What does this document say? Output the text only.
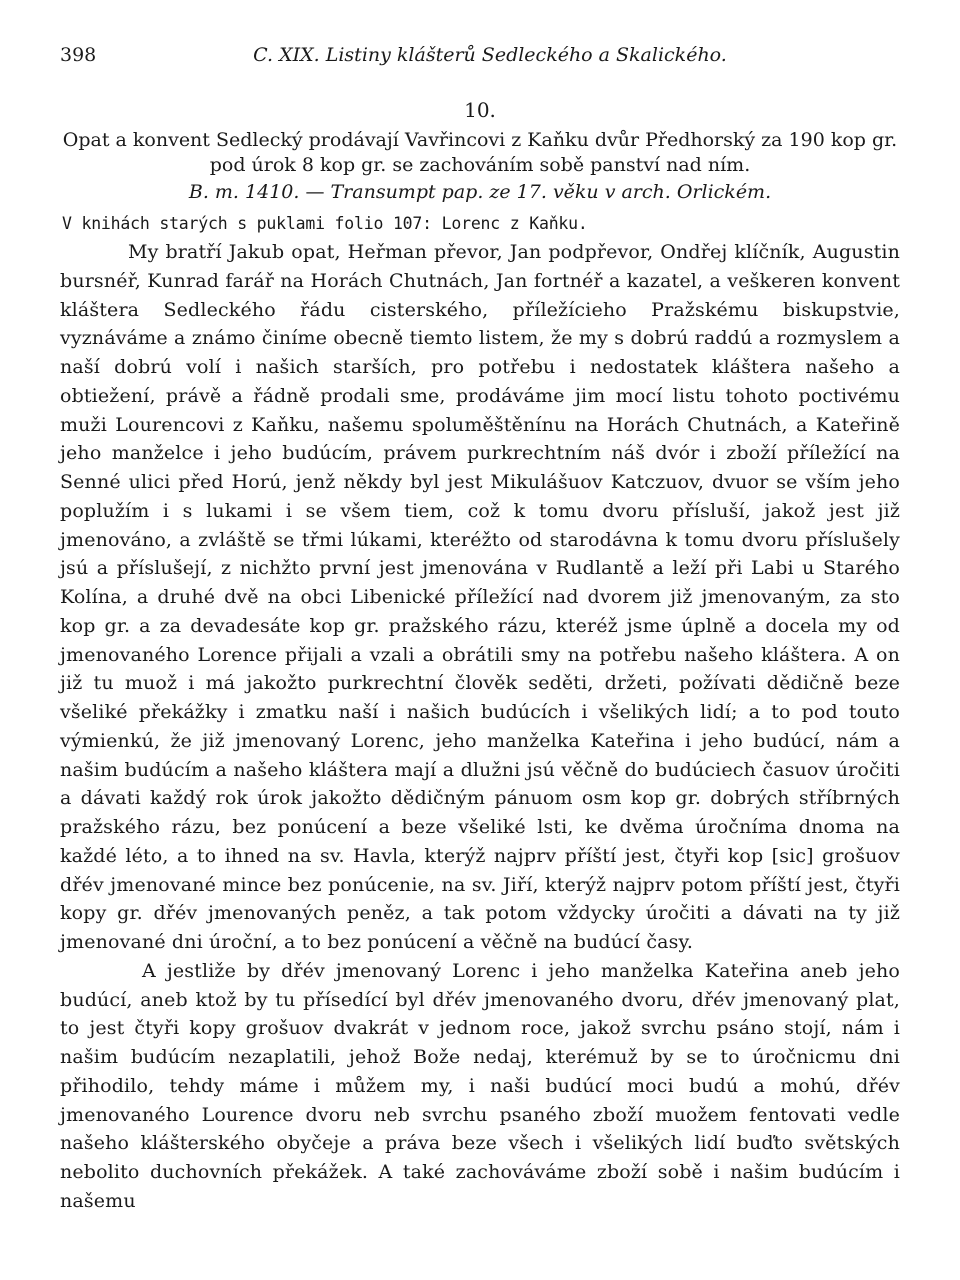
398	C. XIX. Listiny klášterů Sedleckého a Skalického.
10.

Opat a konvent Sedlecký prodávají Vavřincovi z Kaňku dvůr Předhorský za 190 kop gr. pod úrok 8 kop gr. se zachováním sobě panství nad ním.

B. m. 1410. — Transumpt pap. ze 17. věku v arch. Orlickém.
V knihách starých s puklami folio 107: Lorenc z Kaňku.

My bratří Jakub opat, Heřman převor, Jan podpřevor, Ondřej klíčník, Augustin bursnéř, Kunrad farář na Horách Chutnách, Jan fortnéř a kazatel, a veškeren konvent kláštera Sedleckého řádu cisterského, příležícieho Pražskému biskupstvie, vyznáváme a známo činíme obecně tiemto listem, že my s dobrú raddú a rozmyslem a naší dobrú volí i našich starších, pro potřebu i nedostatek kláštera našeho a obtiežení, právě a řádně prodali sme, prodáváme jim mocí listu tohoto poctivému muži Lourencovi z Kaňku, našemu spoluměštěnínu na Horách Chutnách, a Kateřině jeho manželce i jeho budúcím, právem purkrechtním náš dvór i zboží příležící na Senné ulici před Horú, jenž někdy byl jest Mikulášuov Katczuov, dvuor se vším jeho poplužím i s lukami i se všem tiem, což k tomu dvoru přísluší, jakož jest již jmenováno, a zvláště se třmi lúkami, kteréžto od starodávna k tomu dvoru příslušely jsú a příslušejí, z nichžto první jest jmenována v Rudlantě a leží při Labi u Starého Kolína, a druhé dvě na obci Libenické příležící nad dvorem již jmenovaným, za sto kop gr. a za devadesáte kop gr. pražského rázu, kteréž jsme úplně a docela my od jmenovaného Lorence přijali a vzali a obrátili smy na potřebu našeho kláštera. A on již tu muož i má jakožto purkrechtní člověk seděti, držeti, požívati dědičně beze všeliké překážky i zmatku naší i našich budúcích i všelikých lidí; a to pod touto výmienkú, že již jmenovaný Lorenc, jeho manželka Kateřina i jeho budúcí, nám a našim budúcím a našeho kláštera mají a dlužni jsú věčně do budúciech časuov úročiti a dávati každý rok úrok jakožto dědičným pánuom osm kop gr. dobrých stříbrných pražského rázu, bez ponúcení a beze všeliké lsti, ke dvěma úročníma dnoma na každé léto, a to ihned na sv. Havla, kterýž najprv příští jest, čtyři kop [sic] grošuov dřév jmenované mince bez ponúcenie, na sv. Jiří, kterýž najprv potom příští jest, čtyři kopy gr. dřév jmenovaných peněz, a tak potom vždycky úročiti a dávati na ty již jmenované dni úroční, a to bez ponúcení a věčně na budúcí časy.

A jestliže by dřév jmenovaný Lorenc i jeho manželka Kateřina aneb jeho budúcí, aneb ktož by tu přísedící byl dřév jmenovaného dvoru, dřév jmenovaný plat, to jest čtyři kopy grošuov dvakrát v jednom roce, jakož svrchu psáno stojí, nám i našim budúcím nezaplatili, jehož Bože nedaj, kterémuž by se to úročnicmu dni přihodilo, tehdy máme i můžem my, i naši budúcí moci budú a mohú, dřév jmenovaného Lourence dvoru neb svrchu psaného zboží muožem fentovati vedle našeho klášterského obyčeje a práva beze všech i všelikých lidí buďto světských nebolito duchovních překážek. A také zachováváme zboží sobě i našim budúcím i našemu
